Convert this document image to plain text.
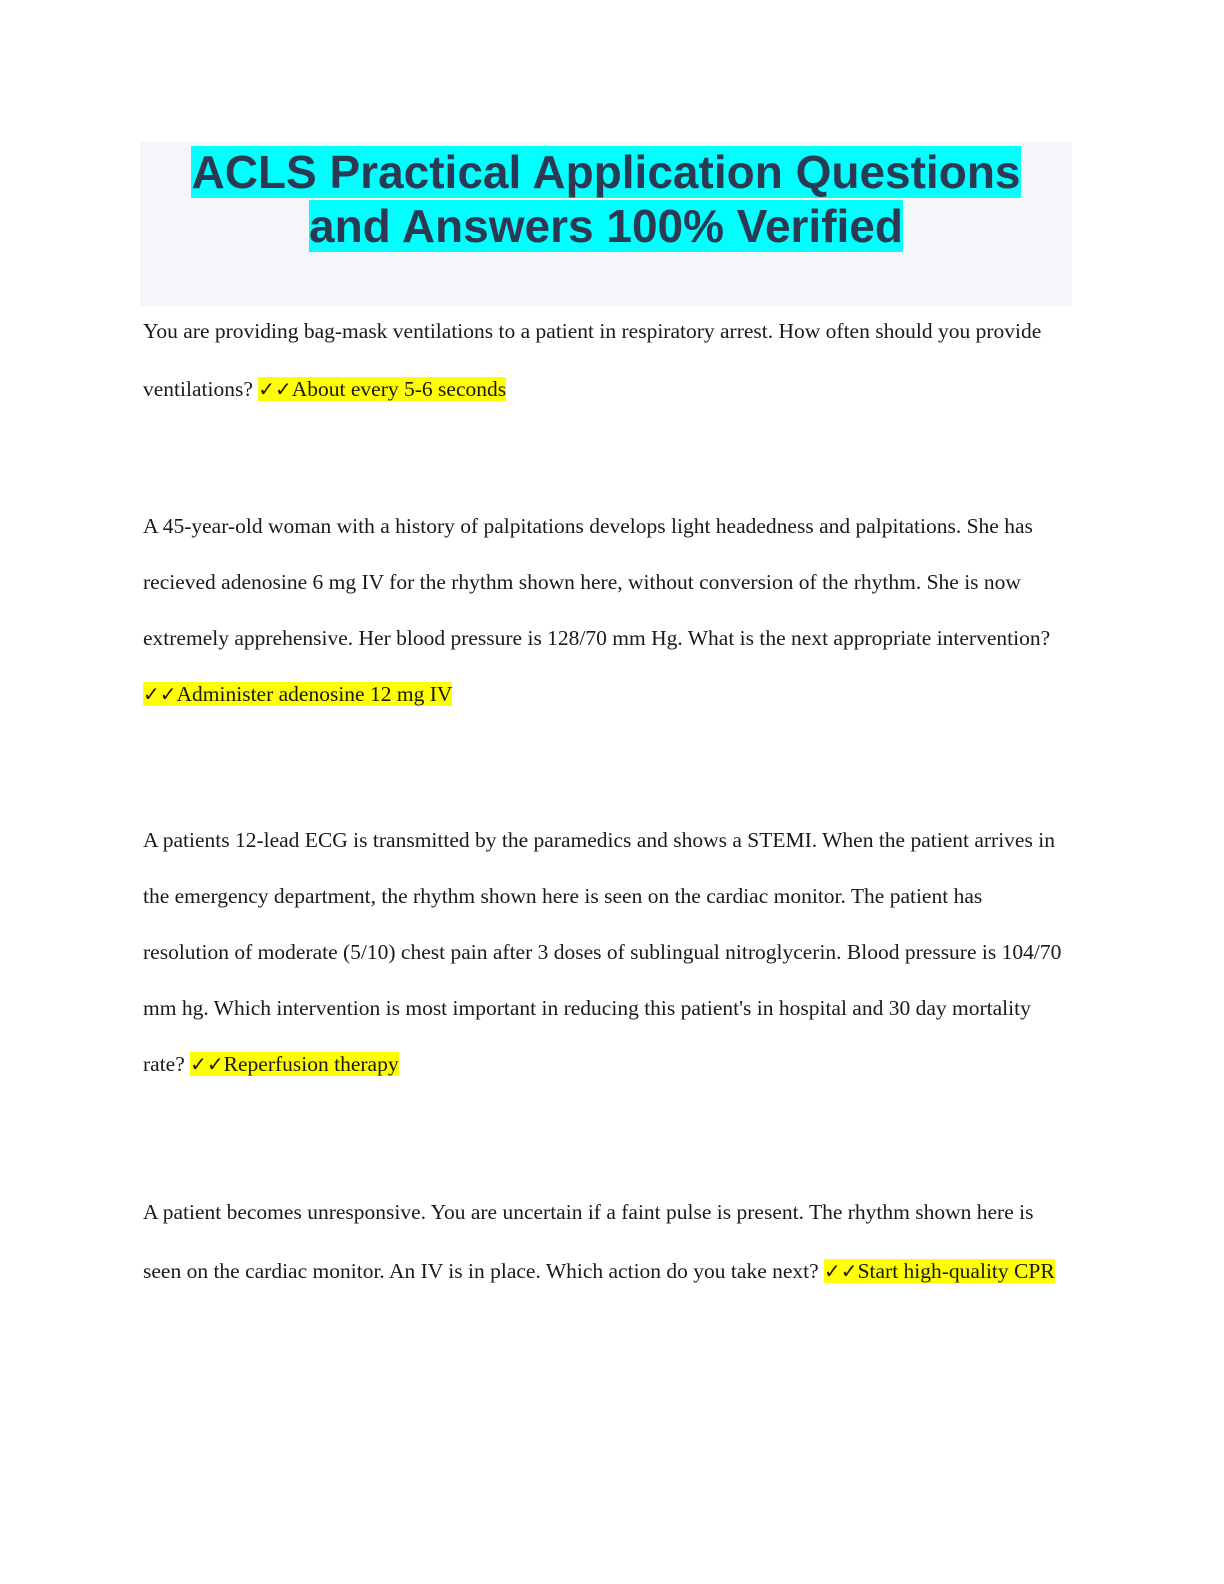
ACLS Practical Application Questions
and Answers 100% Verified

You are providing bag-mask ventilations to a patient in respiratory arrest. How often should you provide ventilations? ✓✓About every 5-6 seconds

A 45-year-old woman with a history of palpitations develops light headedness and palpitations. She has recieved adenosine 6 mg IV for the rhythm shown here, without conversion of the rhythm. She is now extremely apprehensive. Her blood pressure is 128/70 mm Hg. What is the next appropriate intervention? ✓✓Administer adenosine 12 mg IV

A patients 12-lead ECG is transmitted by the paramedics and shows a STEMI. When the patient arrives in the emergency department, the rhythm shown here is seen on the cardiac monitor. The patient has resolution of moderate (5/10) chest pain after 3 doses of sublingual nitroglycerin. Blood pressure is 104/70 mm hg. Which intervention is most important in reducing this patient's in hospital and 30 day mortality rate? ✓✓Reperfusion therapy

A patient becomes unresponsive. You are uncertain if a faint pulse is present. The rhythm shown here is seen on the cardiac monitor. An IV is in place. Which action do you take next? ✓✓Start high-quality CPR
